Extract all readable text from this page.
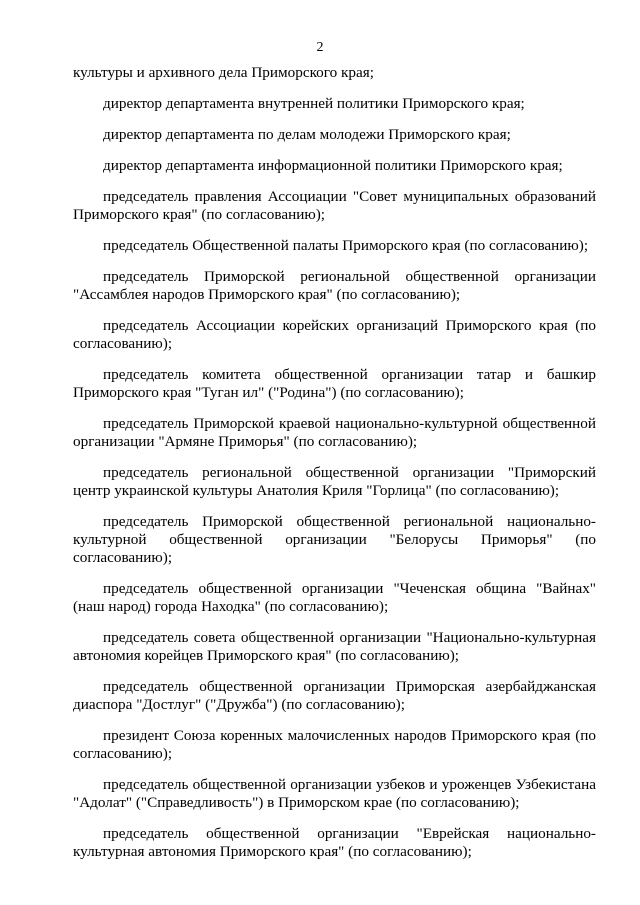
2

культуры и архивного дела Приморского края;

директор департамента внутренней политики Приморского края;

директор департамента по делам молодежи Приморского края;

директор департамента информационной политики Приморского края;

председатель правления Ассоциации "Совет муниципальных образований Приморского края" (по согласованию);

председатель Общественной палаты Приморского края (по согласованию);

председатель Приморской региональной общественной организации "Ассамблея народов Приморского края" (по согласованию);

председатель Ассоциации корейских организаций Приморского края (по согласованию);

председатель комитета общественной организации татар и башкир Приморского края "Туган ил" ("Родина") (по согласованию);

председатель Приморской краевой национально-культурной общественной организации "Армяне Приморья" (по согласованию);

председатель региональной общественной организации "Приморский центр украинской культуры Анатолия Криля "Горлица" (по согласованию);

председатель Приморской общественной региональной национально-культурной общественной организации "Белорусы Приморья" (по согласованию);

председатель общественной организации "Чеченская община "Вайнах" (наш народ) города Находка" (по согласованию);

председатель совета общественной организации "Национально-культурная автономия корейцев Приморского края" (по согласованию);

председатель общественной организации Приморская азербайджанская диаспора "Достлуг" ("Дружба") (по согласованию);

президент Союза коренных малочисленных народов Приморского края (по согласованию);

председатель общественной организации узбеков и уроженцев Узбекистана "Адолат" ("Справедливость") в Приморском крае (по согласованию);

председатель общественной организации "Еврейская национально-культурная автономия Приморского края" (по согласованию);
